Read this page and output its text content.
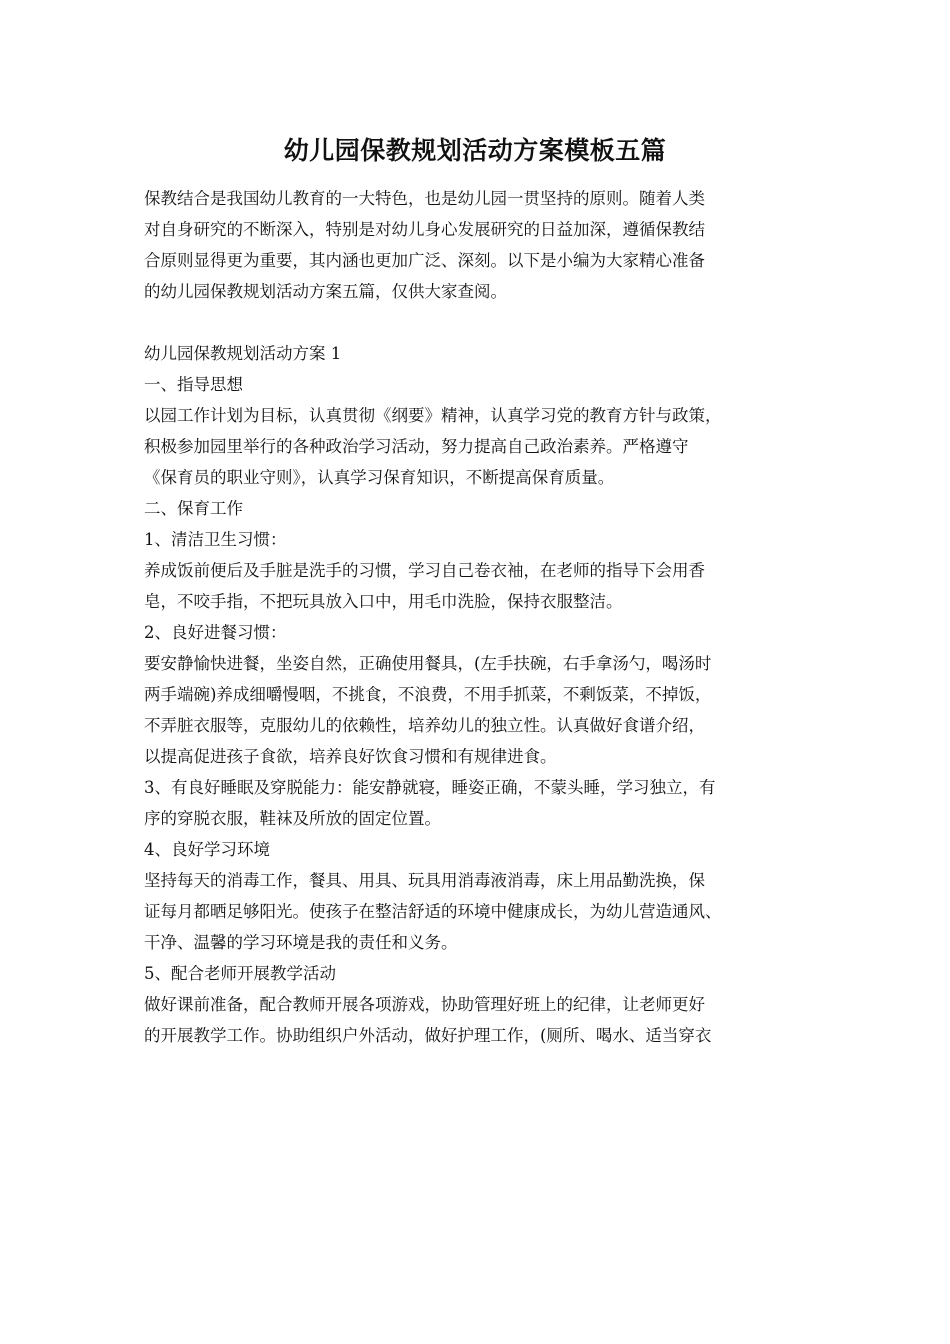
幼儿园保教规划活动方案模板五篇
保教结合是我国幼儿教育的一大特色，也是幼儿园一贯坚持的原则。随着人类
对自身研究的不断深入，特别是对幼儿身心发展研究的日益加深，遵循保教结
合原则显得更为重要，其内涵也更加广泛、深刻。以下是小编为大家精心准备
的幼儿园保教规划活动方案五篇，仅供大家查阅。
幼儿园保教规划活动方案 1
一、指导思想
以园工作计划为目标，认真贯彻《纲要》精神，认真学习党的教育方针与政策，
积极参加园里举行的各种政治学习活动，努力提高自己政治素养。严格遵守
《保育员的职业守则》，认真学习保育知识，不断提高保育质量。
二、保育工作
1、清洁卫生习惯：
养成饭前便后及手脏是洗手的习惯，学习自己卷衣袖，在老师的指导下会用香
皂，不咬手指，不把玩具放入口中，用毛巾洗脸，保持衣服整洁。
2、良好进餐习惯：
要安静愉快进餐，坐姿自然，正确使用餐具，(左手扶碗，右手拿汤勺，喝汤时
两手端碗)养成细嚼慢咽，不挑食，不浪费，不用手抓菜，不剩饭菜，不掉饭，
不弄脏衣服等，克服幼儿的依赖性，培养幼儿的独立性。认真做好食谱介绍，
以提高促进孩子食欲，培养良好饮食习惯和有规律进食。
3、有良好睡眠及穿脱能力：能安静就寝，睡姿正确，不蒙头睡，学习独立，有
序的穿脱衣服，鞋袜及所放的固定位置。
4、良好学习环境
坚持每天的消毒工作，餐具、用具、玩具用消毒液消毒，床上用品勤洗换，保
证每月都晒足够阳光。使孩子在整洁舒适的环境中健康成长，为幼儿营造通风、
干净、温馨的学习环境是我的责任和义务。
5、配合老师开展教学活动
做好课前准备，配合教师开展各项游戏，协助管理好班上的纪律，让老师更好
的开展教学工作。协助组织户外活动，做好护理工作，(厕所、喝水、适当穿衣
